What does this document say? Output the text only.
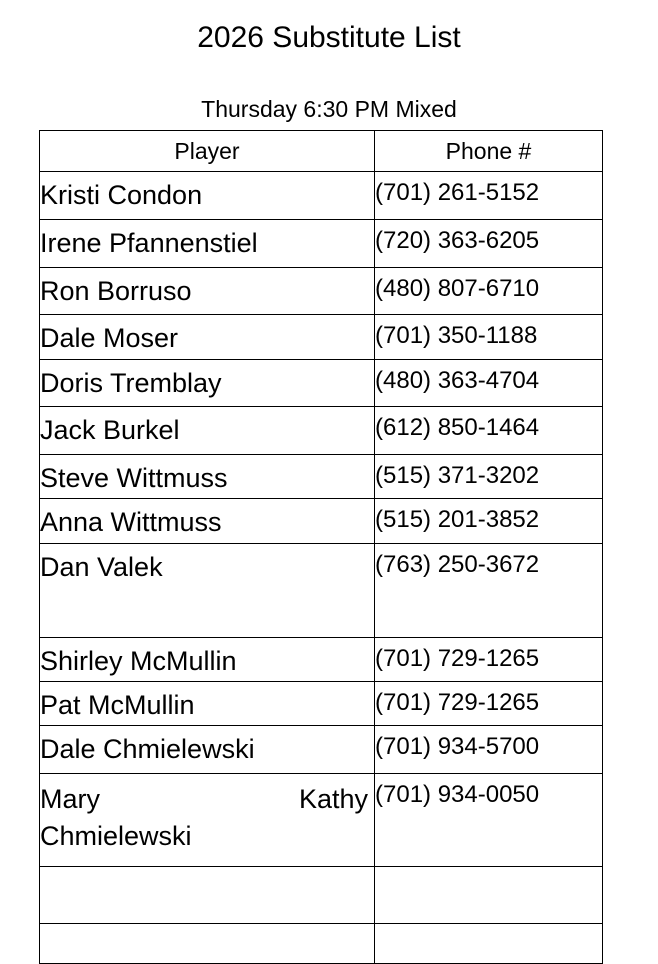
2026 Substitute List
Thursday 6:30 PM Mixed
Player	Phone #

Kristi Condon	(701) 261-5152

Irene Pfannenstiel	(720) 363-6205

Ron Borruso	(480) 807-6710

Dale Moser	(701) 350-1188

Doris Tremblay	(480) 363-4704

Jack Burkel	(612) 850-1464

Steve Wittmuss	(515) 371-3202

Anna Wittmuss	(515) 201-3852

Dan Valek	(763) 250-3672

Shirley McMullin	(701) 729-1265

Pat McMullin	(701) 729-1265

Dale Chmielewski	(701) 934-5700

Mary Kathy
Chmielewski	(701) 934-0050
